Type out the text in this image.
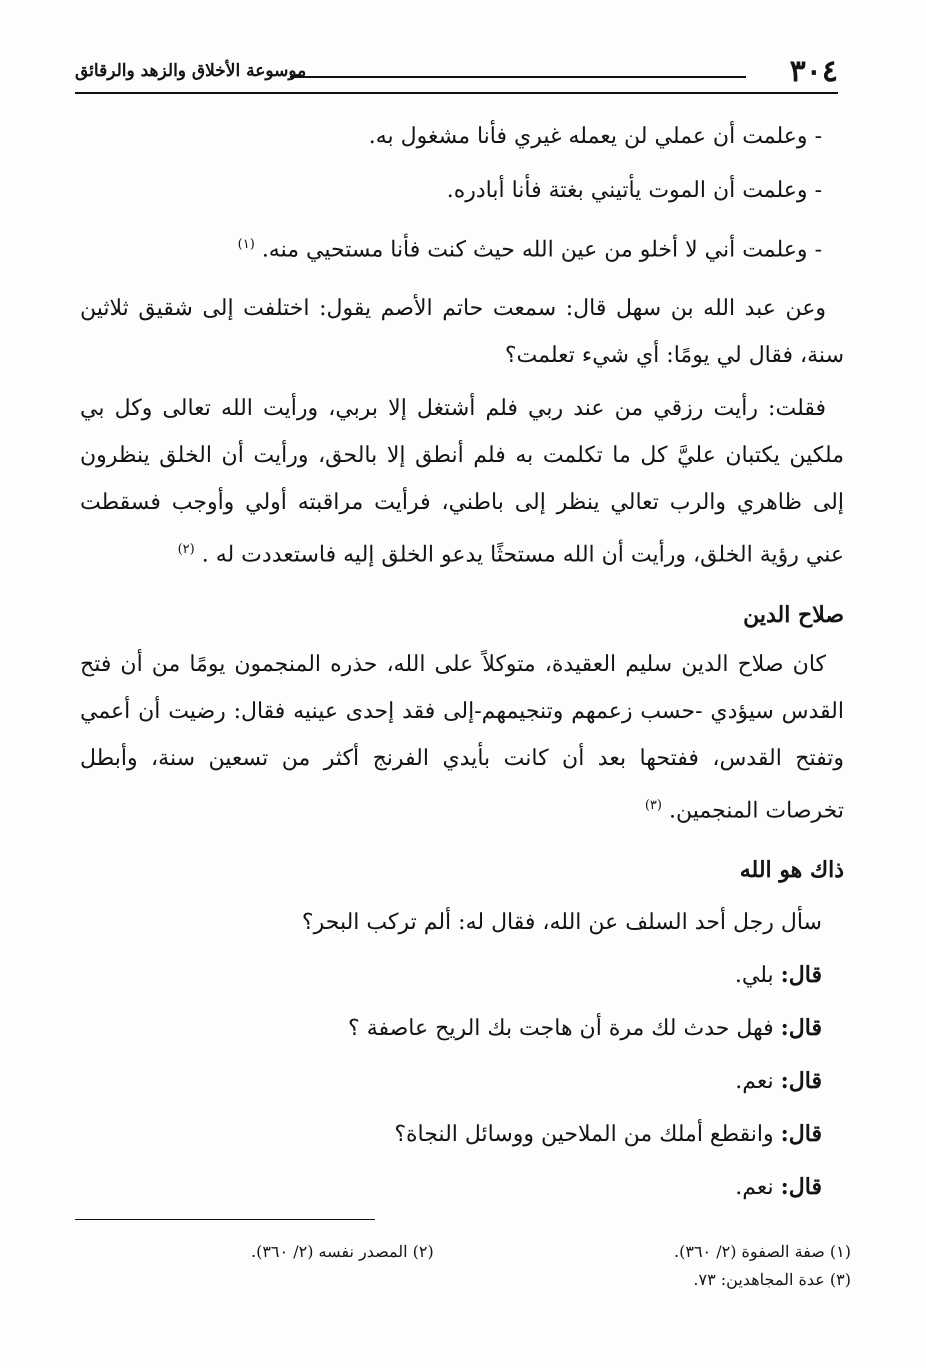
٣٠٤
موسوعة الأخلاق والزهد والرقائق
- وعلمت أن عملي لن يعمله غيري فأنا مشغول به.
- وعلمت أن الموت يأتيني بغتة فأنا أبادره.
- وعلمت أني لا أخلو من عين الله حيث كنت فأنا مستحيي منه. $^{(١)}$

وعن عبد الله بن سهل قال: سمعت حاتم الأصم يقول: اختلفت إلى شقيق ثلاثين سنة، فقال لي يومًا: أي شيء تعلمت؟

فقلت: رأيت رزقي من عند ربي فلم أشتغل إلا بربي، ورأيت الله تعالى وكل بي ملكين يكتبان عليَّ كل ما تكلمت به فلم أنطق إلا بالحق، ورأيت أن الخلق ينظرون إلى ظاهري والرب تعالي ينظر إلى باطني، فرأيت مراقبته أولي وأوجب فسقطت عني رؤية الخلق، ورأيت أن الله مستحثًا يدعو الخلق إليه فاستعددت له . $^{(٢)}$

صلاح الدين

كان صلاح الدين سليم العقيدة، متوكلاً على الله، حذره المنجمون يومًا من أن فتح القدس سيؤدي -حسب زعمهم وتنجيمهم-إلى فقد إحدى عينيه فقال: رضيت أن أعمي وتفتح القدس، ففتحها بعد أن كانت بأيدي الفرنج أكثر من تسعين سنة، وأبطل تخرصات المنجمين. $^{(٣)}$

ذاك هو الله
سأل رجل أحد السلف عن الله، فقال له: ألم تركب البحر؟
قال: بلي.
قال: فهل حدث لك مرة أن هاجت بك الريح عاصفة ؟
قال: نعم.
قال: وانقطع أملك من الملاحين ووسائل النجاة؟
قال: نعم.
(١) صفة الصفوة (٢/ ٣٦٠).
(٢) المصدر نفسه (٢/ ٣٦٠).
(٣) عدة المجاهدين: ٧٣.
